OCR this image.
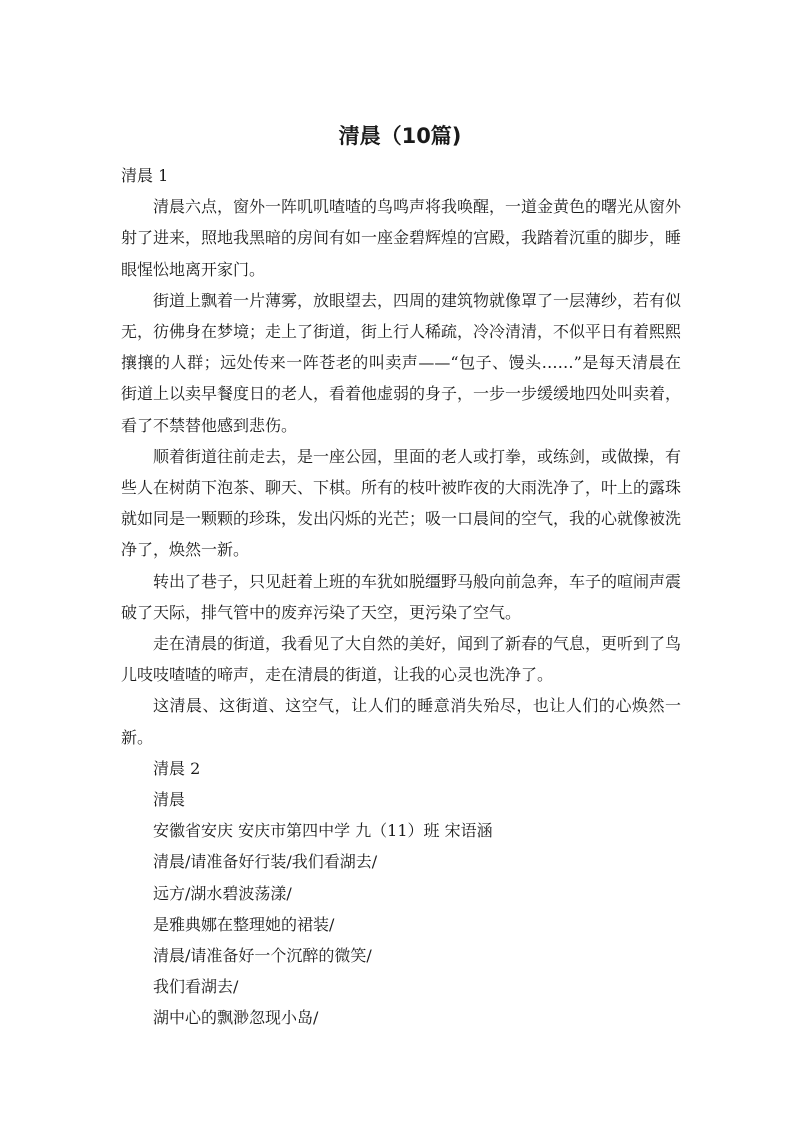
清晨（10篇)

清晨 1

清晨六点，窗外一阵叽叽喳喳的鸟鸣声将我唤醒，一道金黄色的曙光从窗外射了进来，照地我黑暗的房间有如一座金碧辉煌的宫殿，我踏着沉重的脚步，睡眼惺忪地离开家门。

街道上飘着一片薄雾，放眼望去，四周的建筑物就像罩了一层薄纱，若有似无，彷佛身在梦境；走上了街道，街上行人稀疏，冷冷清清，不似平日有着熙熙攘攘的人群；远处传来一阵苍老的叫卖声——“包子、馒头……”是每天清晨在街道上以卖早餐度日的老人，看着他虚弱的身子，一步一步缓缓地四处叫卖着，看了不禁替他感到悲伤。

顺着街道往前走去，是一座公园，里面的老人或打拳，或练剑，或做操，有些人在树荫下泡茶、聊天、下棋。所有的枝叶被昨夜的大雨洗净了，叶上的露珠就如同是一颗颗的珍珠，发出闪烁的光芒；吸一口晨间的空气，我的心就像被洗净了，焕然一新。

转出了巷子，只见赶着上班的车犹如脱缰野马般向前急奔，车子的喧闹声震破了天际，排气管中的废弃污染了天空，更污染了空气。

走在清晨的街道，我看见了大自然的美好，闻到了新春的气息，更听到了鸟儿吱吱喳喳的啼声，走在清晨的街道，让我的心灵也洗净了。

这清晨、这街道、这空气，让人们的睡意消失殆尽，也让人们的心焕然一新。

清晨 2

清晨

安徽省安庆 安庆市第四中学 九（11）班 宋语涵

清晨/请准备好行装/我们看湖去/

远方/湖水碧波荡漾/

是雅典娜在整理她的裙装/

清晨/请准备好一个沉醉的微笑/

我们看湖去/

湖中心的飘渺忽现小岛/
